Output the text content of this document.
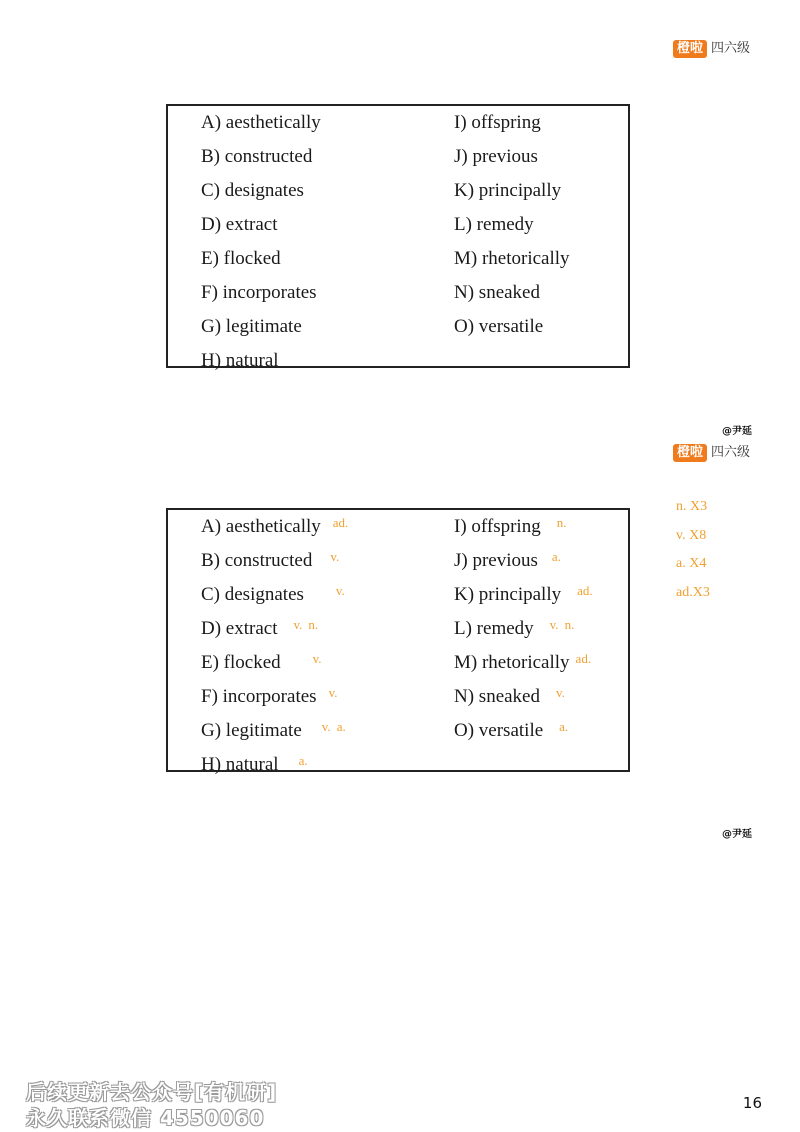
橙啦 四六级
A) aesthetically
B) constructed
C) designates
D) extract
E) flocked
F) incorporates
G) legitimate
H) natural
I) offspring
J) previous
K) principally
L) remedy
M) rhetorically
N) sneaked
O) versatile
@尹延
橙啦 四六级
A) aesthetically $^{ad.}$
B) constructed $^{v.}$
C) designates $^{v.}$
D) extract $^{v.}$ $^{n.}$
E) flocked $^{v.}$
F) incorporates $^{v.}$
G) legitimate $^{v.}$ $^{a.}$
H) natural $^{a.}$
I) offspring $^{n.}$
J) previous $^{a.}$
K) principally $^{ad.}$
L) remedy $^{v.}$ $^{n.}$
M) rhetorically $^{ad.}$
N) sneaked $^{v.}$
O) versatile $^{a.}$
n. X3
v. X8
a. X4
ad.X3
@尹延
后续更新去公众号[有机研]
永久联系微信 4550060
16
